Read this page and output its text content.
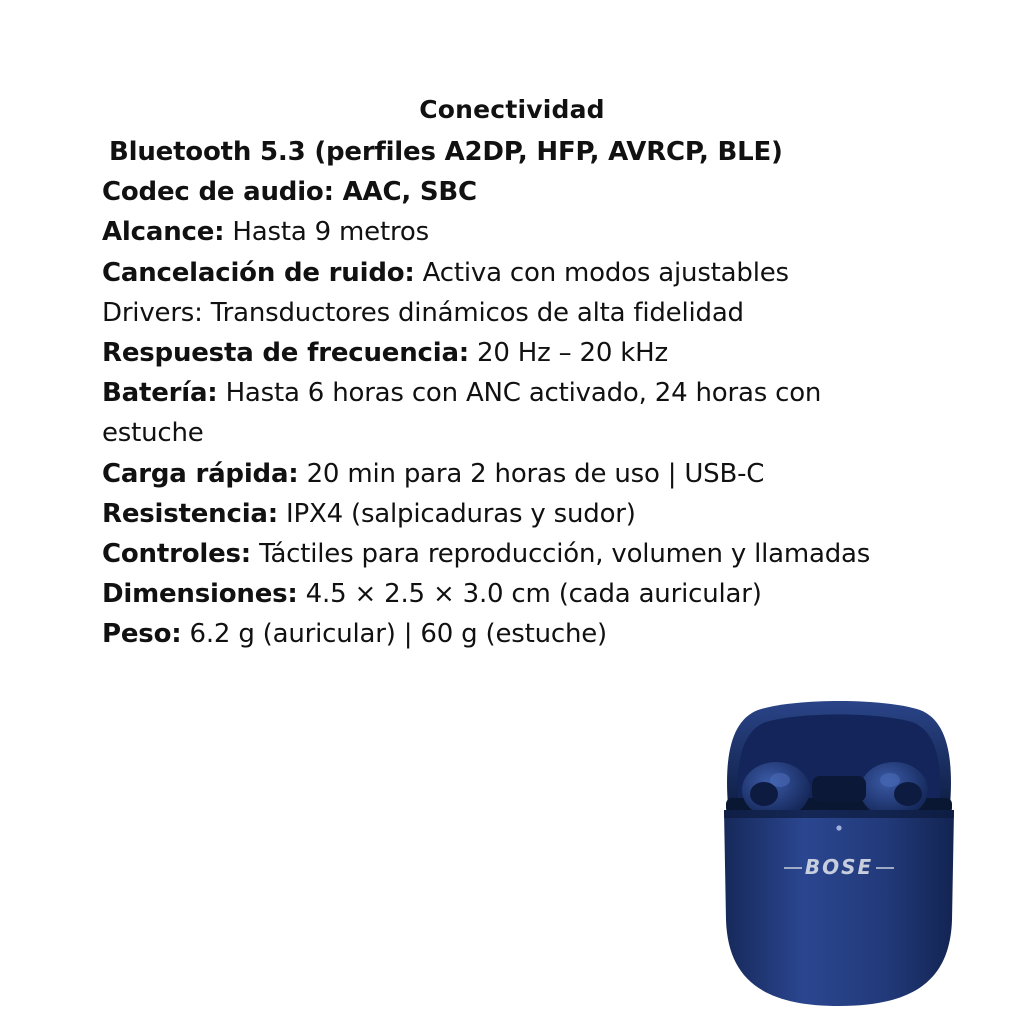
Conectividad

Bluetooth 5.3 (perfiles A2DP, HFP, AVRCP, BLE)

Codec de audio: AAC, SBC

Alcance: Hasta 9 metros

Cancelación de ruido: Activa con modos ajustables

Drivers: Transductores dinámicos de alta fidelidad

Respuesta de frecuencia: 20 Hz – 20 kHz

Batería: Hasta 6 horas con ANC activado, 24 horas con estuche

Carga rápida: 20 min para 2 horas de uso | USB-C

Resistencia: IPX4 (salpicaduras y sudor)

Controles: Táctiles para reproducción, volumen y llamadas

Dimensiones: 4.5 × 2.5 × 3.0 cm (cada auricular)

Peso: 6.2 g (auricular) | 60 g (estuche)

BOSE
